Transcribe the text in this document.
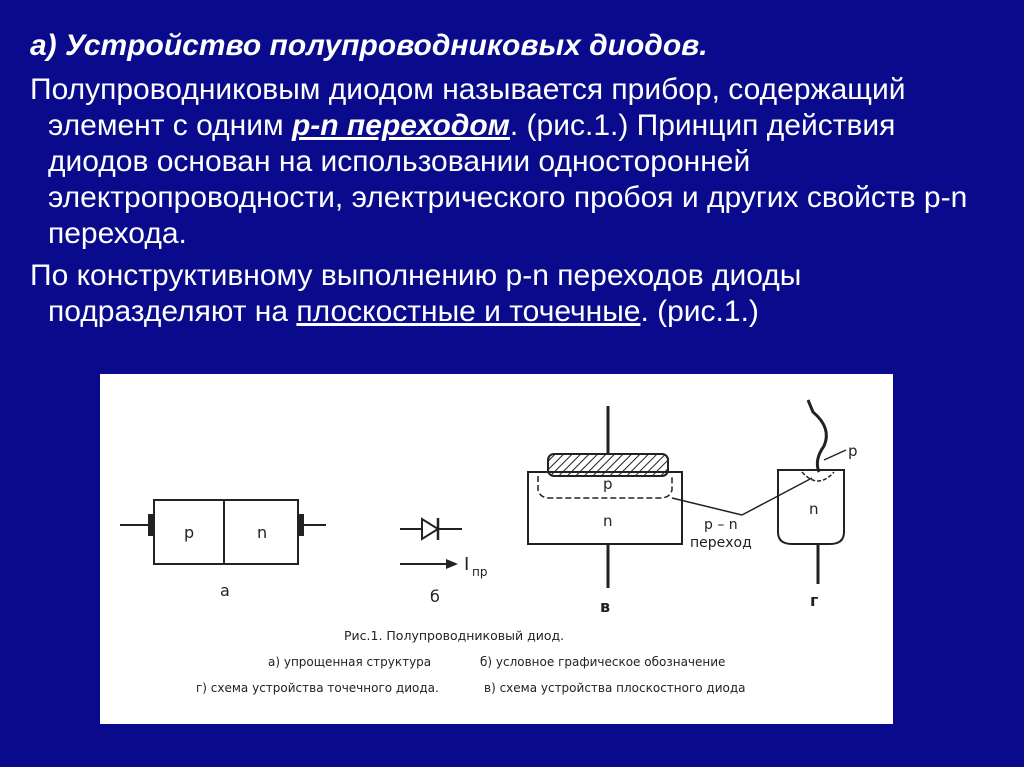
а) Устройство полупроводниковых диодов.
Полупроводниковым диодом называется прибор, содержащий элемент с одним p-n переходом. (рис.1.) Принцип действия диодов основан на использовании односторонней электропроводности, электрического пробоя и других свойств p-n перехода.
По конструктивному выполнению p-n переходов диоды подразделяют на плоскостные и точечные. (рис.1.)
p	n
а
I пр
б
p
n
в
p – n
переход
p
n
г
Рис.1. Полупроводниковый диод.
а) упрощенная структура	б) условное графическое обозначение
г) схема устройства точечного диода.	в) схема устройства плоскостного диода
